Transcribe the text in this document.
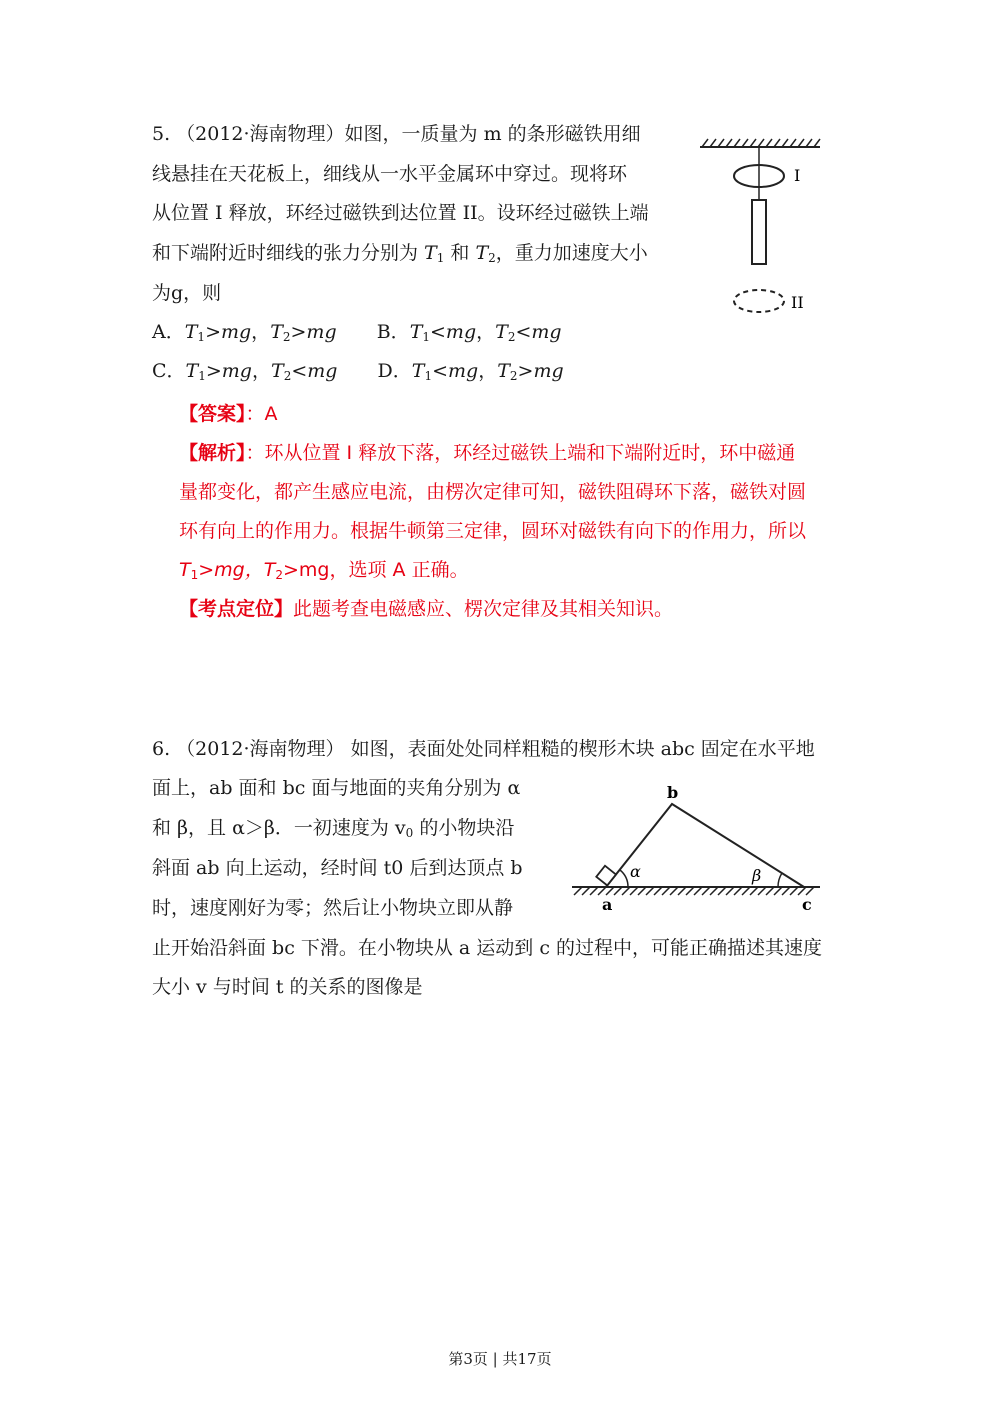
5. （2012·海南物理）如图，一质量为 m 的条形磁铁用细
线悬挂在天花板上，细线从一水平金属环中穿过。现将环
从位置 I 释放，环经过磁铁到达位置 II。设环经过磁铁上端
和下端附近时细线的张力分别为 $T_1$ 和 $T_2$，重力加速度大小
为g，则
A．$T_1>mg$，$T_2>mg$ B．$T_1<mg$，$T_2<mg$
C．$T_1>mg$，$T_2<mg$ D．$T_1<mg$，$T_2>mg$
I
II
【答案】：A
【解析】：环从位置 I 释放下落，环经过磁铁上端和下端附近时，环中磁通
量都变化，都产生感应电流，由楞次定律可知，磁铁阻碍环下落，磁铁对圆
环有向上的作用力。根据牛顿第三定律，圆环对磁铁有向下的作用力，所以
$T_1>mg$，$T_2>mg$，选项 A 正确。
【考点定位】此题考查电磁感应、楞次定律及其相关知识。
6. （2012·海南物理） 如图，表面处处同样粗糙的楔形木块 abc 固定在水平地
面上，ab 面和 bc 面与地面的夹角分别为 α
和 β，且 α＞β．一初速度为 $v_0$ 的小物块沿
斜面 ab 向上运动，经时间 t0 后到达顶点 b
时，速度刚好为零；然后让小物块立即从静
止开始沿斜面 bc 下滑。在小物块从 a 运动到 c 的过程中，可能正确描述其速度
大小 v 与时间 t 的关系的图像是
α	β
a
b
c
第3页 | 共17页
